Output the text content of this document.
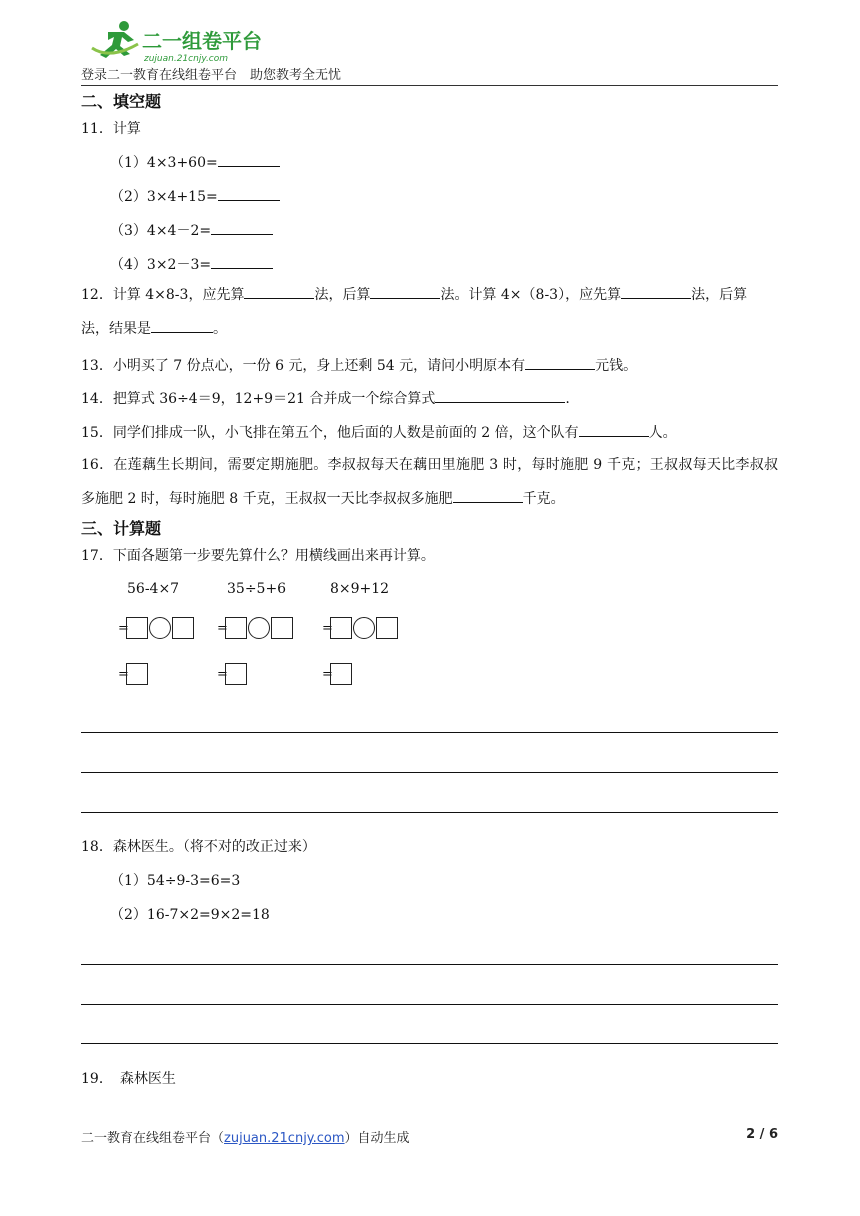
二一组卷平台
zujuan.21cnjy.com
登录二一教育在线组卷平台　助您教考全无忧
二、填空题
11．计算
（1）4×3+60=
（2）3×4+15=
（3）4×4－2=
（4）3×2－3=
12．计算 4×8-3，应先算	法，后算	法。计算 4×（8-3），应先算	法，后算
法，结果是	。
13．小明买了 7 份点心，一份 6 元，身上还剩 54 元，请问小明原本有	元钱。
14．把算式 36÷4＝9，12+9＝21 合并成一个综合算式	.
15．同学们排成一队，小飞排在第五个，他后面的人数是前面的 2 倍，这个队有	人。
16．在莲藕生长期间，需要定期施肥。李叔叔每天在藕田里施肥 3 时，每时施肥 9 千克；王叔叔每天比李叔叔多施肥 2 时，每时施肥 8 千克，王叔叔一天比李叔叔多施肥	千克。
三、计算题
17．下面各题第一步要先算什么？用横线画出来再计算。
56-4×7	35÷5+6	8×9+12
=	=	=
=	=	=
18．森林医生。（将不对的改正过来）
（1）54÷9-3=6=3
（2）16-7×2=9×2=18
19．　森林医生
二一教育在线组卷平台（zujuan.21cnjy.com）自动生成	2 / 6
